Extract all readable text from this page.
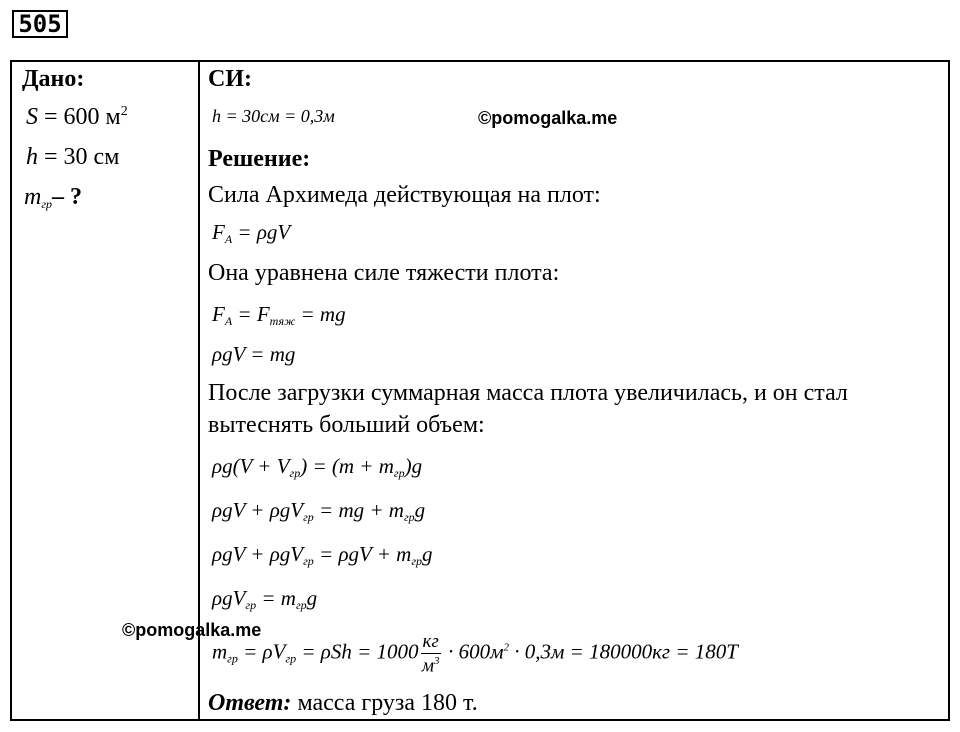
505
Дано:
S = 600 $м^2$
h = 30 см
$m_{гр}-$ ?
СИ:
h = 30см = 0,3м	©pomogalka.me
Решение:
Сила Архимеда действующая на плот:
$F_A = \rho gV$
Она уравнена силе тяжести плота:
$F_A = F_{тяж}$ = mg
ρgV = mg
После загрузки суммарная масса плота увеличилась, и он стал
вытеснять больший объем:
$\rho g(V + V_{гр}) = (m + m_{гр})g$
ρgV + ρgV$_{гр}$ = mg + $m_{гр}g$
$\rho gV + \rho gV_{гр} = \rho gV + m_{гр}g$
$\rho gV_{гр} = m_{гр}g$
©pomogalka.me
$m_{гр} = \rho V_{гр} = \rho Sh = 1000 \frac{кг}{м^3} \cdot 600м^2 \cdot 0,3м = 180000кг = 180Т$
Ответ: масса груза 180 т.
